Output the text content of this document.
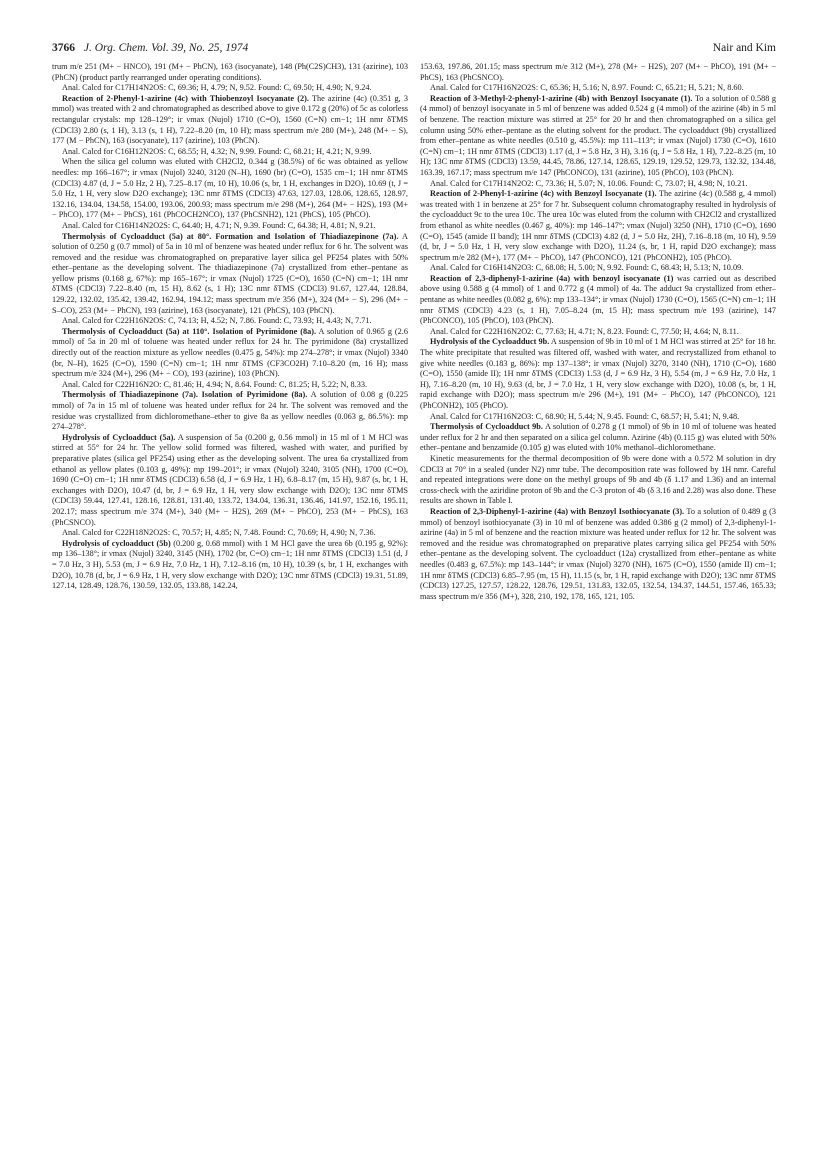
3766 J. Org. Chem. Vol. 39, No. 25, 1974	Nair and Kim

trum m/e 251 (M+ − HNCO), 191 (M+ − PhCN), 163 (isocyanate), 148 (Ph(C2S)CH3), 131 (azirine), 103 (PhCN) (product partly rearranged under operating conditions).

Anal. Calcd for C17H14N2OS: C, 69.36; H, 4.79; N, 9.52. Found: C, 69.50; H, 4.90; N, 9.24.

Reaction of 2-Phenyl-1-azirine (4c) with Thiobenzoyl Isocyanate (2). The azirine (4c) (0.351 g, 3 mmol) was treated with 2 and chromatographed as described above to give 0.172 g (20%) of 5c as colorless rectangular crystals: mp 128–129°; ir νmax (Nujol) 1710 (C=O), 1560 (C=N) cm−1; 1H nmr δTMS (CDCl3) 2.80 (s, 1 H), 3.13 (s, 1 H), 7.22–8.20 (m, 10 H); mass spectrum m/e 280 (M+), 248 (M+ − S), 177 (M − PhCN), 163 (isocyanate), 117 (azirine), 103 (PhCN).

Anal. Calcd for C16H12N2OS: C, 68.55; H, 4.32; N, 9.99. Found: C, 68.21; H, 4.21; N, 9.99.

When the silica gel column was eluted with CH2Cl2, 0.344 g (38.5%) of 6c was obtained as yellow needles: mp 166–167°; ir νmax (Nujol) 3240, 3120 (N–H), 1690 (br) (C=O), 1535 cm−1; 1H nmr δTMS (CDCl3) 4.87 (d, J = 5.0 Hz, 2 H), 7.25–8.17 (m, 10 H), 10.06 (s, br, 1 H, exchanges in D2O), 10.69 (t, J = 5.0 Hz, 1 H, very slow D2O exchange); 13C nmr δTMS (CDCl3) 47.63, 127.03, 128.06, 128.65, 128.97, 132.16, 134.04, 134.58, 154.00, 193.06, 200.93; mass spectrum m/e 298 (M+), 264 (M+ − H2S), 193 (M+ − PhCO), 177 (M+ − PhCS), 161 (PhCOCH2NCO), 137 (PhCSNH2), 121 (PhCS), 105 (PhCO).

Anal. Calcd for C16H14N2O2S: C, 64.40; H, 4.71; N, 9.39. Found: C, 64.38; H, 4.81; N, 9.21.

Thermolysis of Cycloadduct (5a) at 80°. Formation and Isolation of Thiadiazepinone (7a). A solution of 0.250 g (0.7 mmol) of 5a in 10 ml of benzene was heated under reflux for 6 hr. The solvent was removed and the residue was chromatographed on preparative layer silica gel PF254 plates with 50% ether–pentane as the developing solvent. The thiadiazepinone (7a) crystallized from ether–pentane as yellow prisms (0.168 g, 67%): mp 165–167°; ir νmax (Nujol) 1725 (C=O), 1650 (C=N) cm−1; 1H nmr δTMS (CDCl3) 7.22–8.40 (m, 15 H), 8.62 (s, 1 H); 13C nmr δTMS (CDCl3) 91.67, 127.44, 128.84, 129.22, 132.02, 135.42, 139.42, 162.94, 194.12; mass spectrum m/e 356 (M+), 324 (M+ − S), 296 (M+ − S–CO), 253 (M+ − PhCN), 193 (azirine), 163 (isocyanate), 121 (PhCS), 103 (PhCN).

Anal. Calcd for C22H16N2OS: C, 74.13; H, 4.52; N, 7.86. Found: C, 73.93; H, 4.43; N, 7.71.

Thermolysis of Cycloadduct (5a) at 110°. Isolation of Pyrimidone (8a). A solution of 0.965 g (2.6 mmol) of 5a in 20 ml of toluene was heated under reflux for 24 hr. The pyrimidone (8a) crystallized directly out of the reaction mixture as yellow needles (0.475 g, 54%): mp 274–278°; ir νmax (Nujol) 3340 (br, N–H), 1625 (C=O), 1590 (C=N) cm−1; 1H nmr δTMS (CF3CO2H) 7.10–8.20 (m, 16 H); mass spectrum m/e 324 (M+), 296 (M+ − CO), 193 (azirine), 103 (PhCN).

Anal. Calcd for C22H16N2O: C, 81.46; H, 4.94; N, 8.64. Found: C, 81.25; H, 5.22; N, 8.33.

Thermolysis of Thiadiazepinone (7a). Isolation of Pyrimidone (8a). A solution of 0.08 g (0.225 mmol) of 7a in 15 ml of toluene was heated under reflux for 24 hr. The solvent was removed and the residue was crystallized from dichloromethane–ether to give 8a as yellow needles (0.063 g, 86.5%): mp 274–278°.

Hydrolysis of Cycloadduct (5a). A suspension of 5a (0.200 g, 0.56 mmol) in 15 ml of 1 M HCl was stirred at 55° for 24 hr. The yellow solid formed was filtered, washed with water, and purified by preparative plates (silica gel PF254) using ether as the developing solvent. The urea 6a crystallized from ethanol as yellow plates (0.103 g, 49%): mp 199–201°; ir νmax (Nujol) 3240, 3105 (NH), 1700 (C=O), 1690 (C=O) cm−1; 1H nmr δTMS (CDCl3) 6.58 (d, J = 6.9 Hz, 1 H), 6.8–8.17 (m, 15 H), 9.87 (s, br, 1 H, exchanges with D2O), 10.47 (d, br, J = 6.9 Hz, 1 H, very slow exchange with D2O); 13C nmr δTMS (CDCl3) 59.44, 127.41, 128.16, 128.81, 131.40, 133.72, 134.04, 136.31, 136.46, 141.97, 152.16, 195.11, 202.17; mass spectrum m/e 374 (M+), 340 (M+ − H2S), 269 (M+ − PhCO), 253 (M+ − PhCS), 163 (PhCSNCO).

Anal. Calcd for C22H18N2O2S: C, 70.57; H, 4.85; N, 7.48. Found: C, 70.69; H, 4.90; N, 7.36.

Hydrolysis of cycloadduct (5b) (0.200 g, 0.68 mmol) with 1 M HCl gave the urea 6b (0.195 g, 92%): mp 136–138°; ir νmax (Nujol) 3240, 3145 (NH), 1702 (br, C=O) cm−1; 1H nmr δTMS (CDCl3) 1.51 (d, J = 7.0 Hz, 3 H), 5.53 (m, J = 6.9 Hz, 7.0 Hz, 1 H), 7.12–8.16 (m, 10 H), 10.39 (s, br, 1 H, exchanges with D2O), 10.78 (d, br, J = 6.9 Hz, 1 H, very slow exchange with D2O); 13C nmr δTMS (CDCl3) 19.31, 51.89, 127.14, 128.49, 128.76, 130.59, 132.05, 133.88, 142.24,

153.63, 197.86, 201.15; mass spectrum m/e 312 (M+), 278 (M+ − H2S), 207 (M+ − PhCO), 191 (M+ − PhCS), 163 (PhCSNCO).

Anal. Calcd for C17H16N2O2S: C, 65.36; H, 5.16; N, 8.97. Found: C, 65.21; H, 5.21; N, 8.60.

Reaction of 3-Methyl-2-phenyl-1-azirine (4b) with Benzoyl Isocyanate (1). To a solution of 0.588 g (4 mmol) of benzoyl isocyanate in 5 ml of benzene was added 0.524 g (4 mmol) of the azirine (4b) in 5 ml of benzene. The reaction mixture was stirred at 25° for 20 hr and then chromatographed on a silica gel column using 50% ether–pentane as the eluting solvent for the product. The cycloadduct (9b) crystallized from ether–pentane as white needles (0.510 g, 45.5%): mp 111–113°; ir νmax (Nujol) 1730 (C=O), 1610 (C=N) cm−1; 1H nmr δTMS (CDCl3) 1.17 (d, J = 5.8 Hz, 3 H), 3.16 (q, J = 5.8 Hz, 1 H), 7.22–8.25 (m, 10 H); 13C nmr δTMS (CDCl3) 13.59, 44.45, 78.86, 127.14, 128.65, 129.19, 129.52, 129.73, 132.32, 134.48, 163.39, 167.17; mass spectrum m/e 147 (PhCONCO), 131 (azirine), 105 (PhCO), 103 (PhCN).

Anal. Calcd for C17H14N2O2: C, 73.36; H, 5.07; N, 10.06. Found: C, 73.07; H, 4.98; N, 10.21.

Reaction of 2-Phenyl-1-azirine (4c) with Benzoyl Isocyanate (1). The azirine (4c) (0.588 g, 4 mmol) was treated with 1 in benzene at 25° for 7 hr. Subsequent column chromatography resulted in hydrolysis of the cycloadduct 9c to the urea 10c. The urea 10c was eluted from the column with CH2Cl2 and crystallized from ethanol as white needles (0.467 g, 40%): mp 146–147°; νmax (Nujol) 3250 (NH), 1710 (C=O), 1690 (C=O), 1545 (amide II band); 1H nmr δTMS (CDCl3) 4.82 (d, J = 5.0 Hz, 2H), 7.16–8.18 (m, 10 H), 9.59 (d, br, J = 5.0 Hz, 1 H, very slow exchange with D2O), 11.24 (s, br, 1 H, rapid D2O exchange); mass spectrum m/e 282 (M+), 177 (M+ − PhCO), 147 (PhCONCO), 121 (PhCONH2), 105 (PhCO).

Anal. Calcd for C16H14N2O3: C, 68.08; H, 5.00; N, 9.92. Found: C, 68.43; H, 5.13; N, 10.09.

Reaction of 2,3-diphenyl-1-azirine (4a) with benzoyl isocyanate (1) was carried out as described above using 0.588 g (4 mmol) of 1 and 0.772 g (4 mmol) of 4a. The adduct 9a crystallized from ether–pentane as white needles (0.082 g, 6%): mp 133–134°; ir νmax (Nujol) 1730 (C=O), 1565 (C=N) cm−1; 1H nmr δTMS (CDCl3) 4.23 (s, 1 H), 7.05–8.24 (m, 15 H); mass spectrum m/e 193 (azirine), 147 (PhCONCO), 105 (PhCO), 103 (PhCN).

Anal. Calcd for C22H16N2O2: C, 77.63; H, 4.71; N, 8.23. Found: C, 77.50; H, 4.64; N, 8.11.

Hydrolysis of the Cycloadduct 9b. A suspension of 9b in 10 ml of 1 M HCl was stirred at 25° for 18 hr. The white precipitate that resulted was filtered off, washed with water, and recrystallized from ethanol to give white needles (0.183 g, 86%): mp 137–138°; ir νmax (Nujol) 3270, 3140 (NH), 1710 (C=O), 1680 (C=O), 1550 (amide II); 1H nmr δTMS (CDCl3) 1.53 (d, J = 6.9 Hz, 3 H), 5.54 (m, J = 6.9 Hz, 7.0 Hz, 1 H), 7.16–8.20 (m, 10 H), 9.63 (d, br, J = 7.0 Hz, 1 H, very slow exchange with D2O), 10.08 (s, br, 1 H, rapid exchange with D2O); mass spectrum m/e 296 (M+), 191 (M+ − PhCO), 147 (PhCONCO), 121 (PhCONH2), 105 (PhCO).

Anal. Calcd for C17H16N2O3: C, 68.90; H, 5.44; N, 9.45. Found: C, 68.57; H, 5.41; N, 9.48.

Thermolysis of Cycloadduct 9b. A solution of 0.278 g (1 mmol) of 9b in 10 ml of toluene was heated under reflux for 2 hr and then separated on a silica gel column. Azirine (4b) (0.115 g) was eluted with 50% ether–pentane and benzamide (0.105 g) was eluted with 10% methanol–dichloromethane.

Kinetic measurements for the thermal decomposition of 9b were done with a 0.572 M solution in dry CDCl3 at 70° in a sealed (under N2) nmr tube. The decomposition rate was followed by 1H nmr. Careful and repeated integrations were done on the methyl groups of 9b and 4b (δ 1.17 and 1.36) and an internal cross-check with the aziridine proton of 9b and the C-3 proton of 4b (δ 3.16 and 2.28) was also done. These results are shown in Table I.

Reaction of 2,3-Diphenyl-1-azirine (4a) with Benzoyl Isothiocyanate (3). To a solution of 0.489 g (3 mmol) of benzoyl isothiocyanate (3) in 10 ml of benzene was added 0.386 g (2 mmol) of 2,3-diphenyl-1-azirine (4a) in 5 ml of benzene and the reaction mixture was heated under reflux for 12 hr. The solvent was removed and the residue was chromatographed on preparative plates carrying silica gel PF254 with 50% ether–pentane as the developing solvent. The cycloadduct (12a) crystallized from ether–pentane as white needles (0.483 g, 67.5%): mp 143–144°; ir νmax (Nujol) 3270 (NH), 1675 (C=O), 1550 (amide II) cm−1; 1H nmr δTMS (CDCl3) 6.85–7.95 (m, 15 H), 11.15 (s, br, 1 H, rapid exchange with D2O); 13C nmr δTMS (CDCl3) 127.25, 127.57, 128.22, 128.76, 129.51, 131.83, 132.05, 132.54, 134.37, 144.51, 157.46, 165.33; mass spectrum m/e 356 (M+), 328, 210, 192, 178, 165, 121, 105.
